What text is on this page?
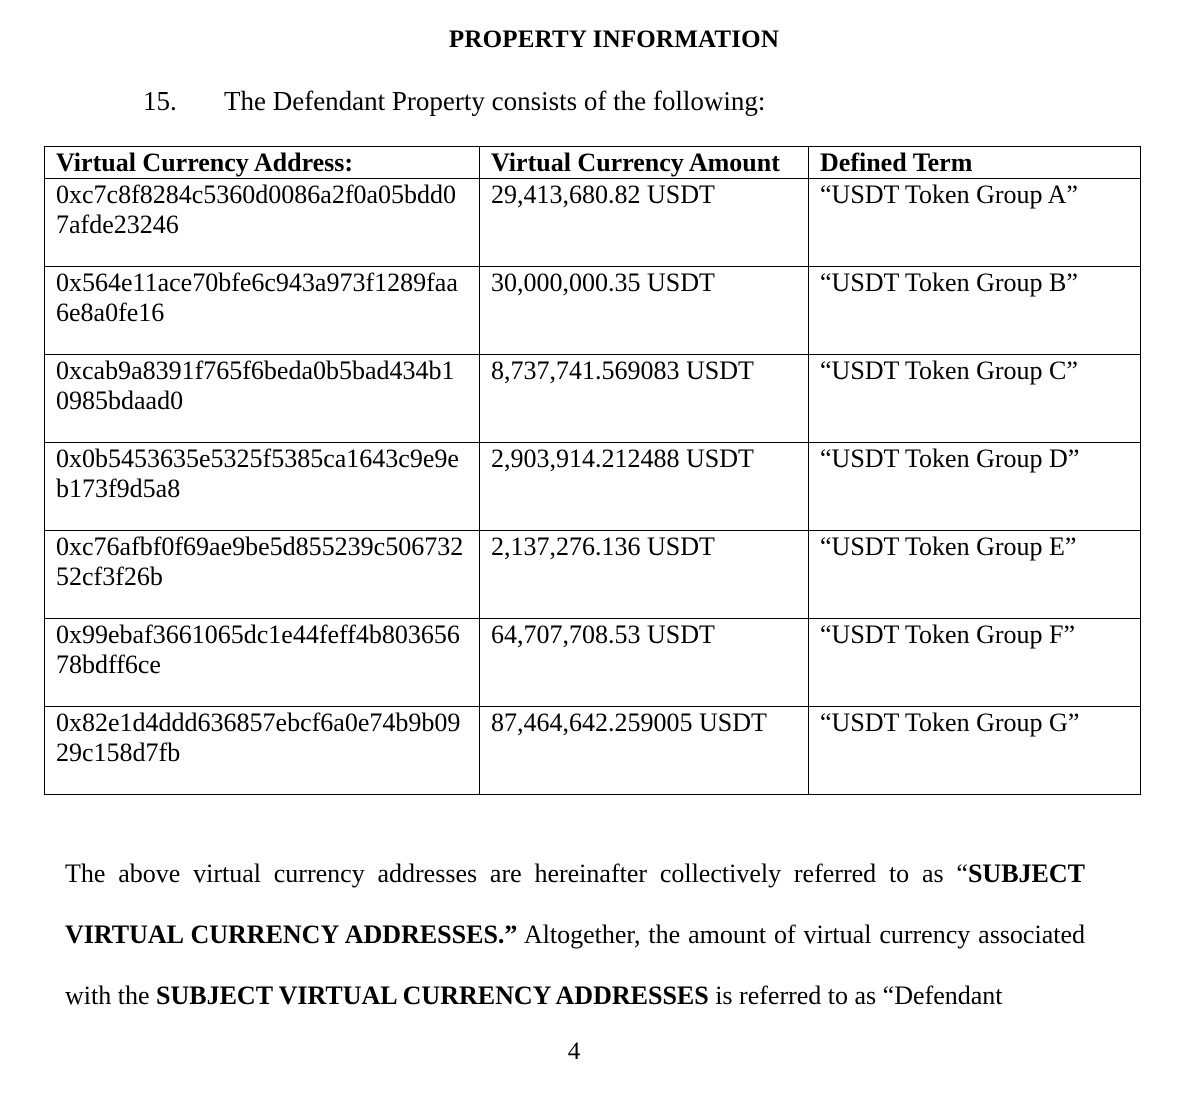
PROPERTY INFORMATION
15. The Defendant Property consists of the following:
Virtual Currency Address:	Virtual Currency Amount	Defined Term
0xc7c8f8284c5360d0086a2f0a05bdd0
7afde23246	29,413,680.82 USDT	“USDT Token Group A”
0x564e11ace70bfe6c943a973f1289faa
6e8a0fe16	30,000,000.35 USDT	“USDT Token Group B”
0xcab9a8391f765f6beda0b5bad434b1
0985bdaad0	8,737,741.569083 USDT	“USDT Token Group C”
0x0b5453635e5325f5385ca1643c9e9e
b173f9d5a8	2,903,914.212488 USDT	“USDT Token Group D”
0xc76afbf0f69ae9be5d855239c506732
52cf3f26b	2,137,276.136 USDT	“USDT Token Group E”
0x99ebaf3661065dc1e44feff4b803656
78bdff6ce	64,707,708.53 USDT	“USDT Token Group F”
0x82e1d4ddd636857ebcf6a0e74b9b09
29c158d7fb	87,464,642.259005 USDT	“USDT Token Group G”

The above virtual currency addresses are hereinafter collectively referred to as “SUBJECT VIRTUAL CURRENCY ADDRESSES.” Altogether, the amount of virtual currency associated with the SUBJECT VIRTUAL CURRENCY ADDRESSES is referred to as “Defendant

4
